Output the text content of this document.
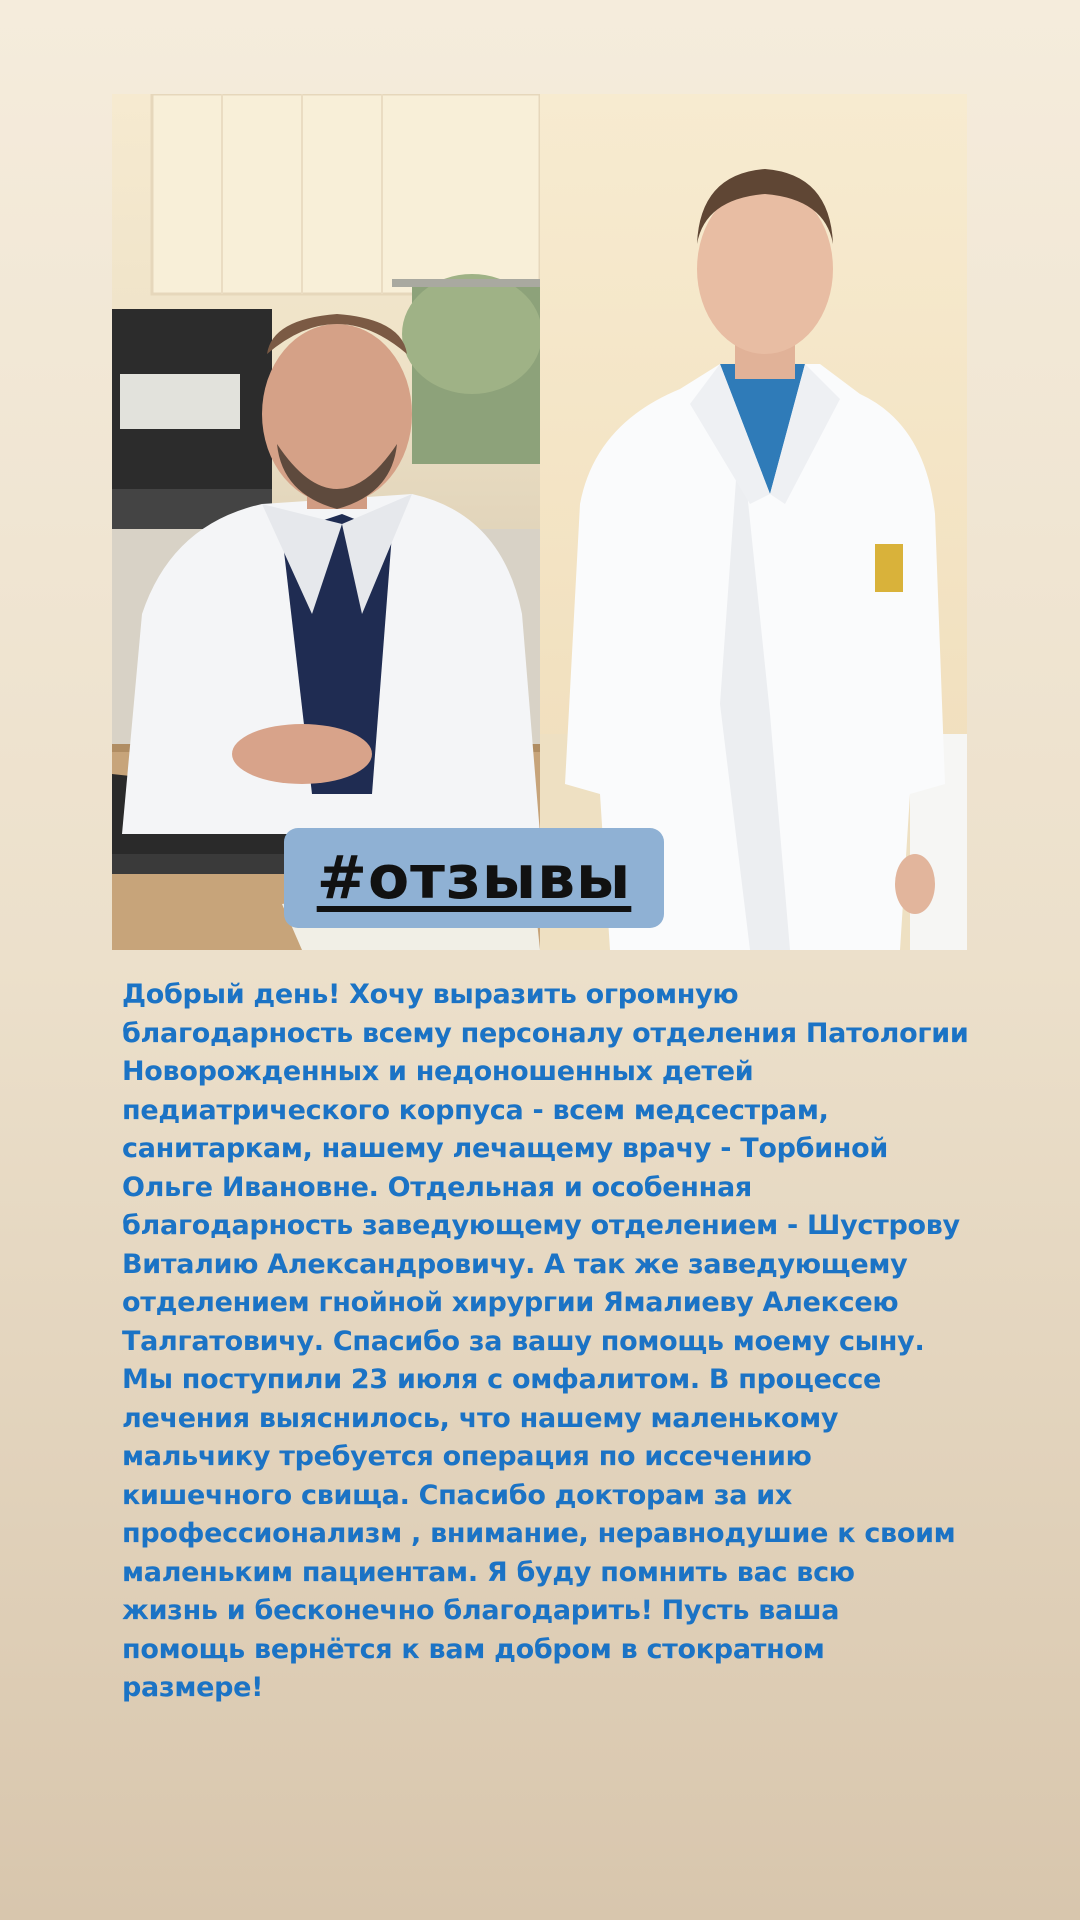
#отзывы
Добрый день! Хочу выразить огромную
благодарность всему персоналу отделения Патологии
Новорожденных и недоношенных детей
педиатрического корпуса - всем медсестрам,
санитаркам, нашему лечащему врачу - Торбиной
Ольге Ивановне. Отдельная и особенная
благодарность заведующему отделением - Шустрову
Виталию Александровичу. А так же заведующему
отделением гнойной хирургии Ямалиеву Алексею
Талгатовичу. Спасибо за вашу помощь моему сыну.
Мы поступили 23 июля с омфалитом. В процессе
лечения выяснилось, что нашему маленькому
мальчику требуется операция по иссечению
кишечного свища. Спасибо докторам за их
профессионализм , внимание, неравнодушие к своим
маленьким пациентам. Я буду помнить вас всю
жизнь и бесконечно благодарить! Пусть ваша
помощь вернётся к вам добром в стократном
размере!
